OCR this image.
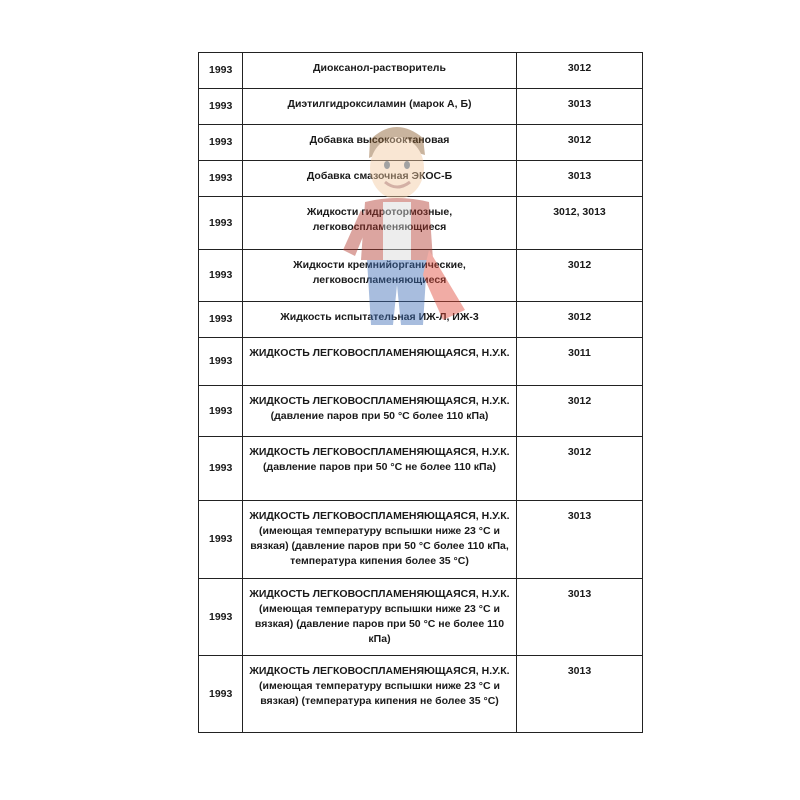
1993	Диоксанол-растворитель	3012
1993	Диэтилгидроксиламин (марок А, Б)	3013
1993	Добавка высокооктановая	3012
1993	Добавка смазочная ЭКОС-Б	3013
1993	Жидкости гидротормозные, легковоспламеняющиеся	3012, 3013
1993	Жидкости кремнийорганические, легковоспламеняющиеся	3012
1993	Жидкость испытательная ИЖ-Л, ИЖ-3	3012
1993	ЖИДКОСТЬ ЛЕГКОВОСПЛАМЕНЯЮЩАЯСЯ, Н.У.К.	3011
1993	ЖИДКОСТЬ ЛЕГКОВОСПЛАМЕНЯЮЩАЯСЯ, Н.У.К. (давление паров при 50 °С более 110 кПа)	3012
1993	ЖИДКОСТЬ ЛЕГКОВОСПЛАМЕНЯЮЩАЯСЯ, Н.У.К. (давление паров при 50 °С не более 110 кПа)	3012
1993	ЖИДКОСТЬ ЛЕГКОВОСПЛАМЕНЯЮЩАЯСЯ, Н.У.К. (имеющая температуру вспышки ниже 23 °С и вязкая) (давление паров при 50 °С более 110 кПа, температура кипения более 35 °С)	3013
1993	ЖИДКОСТЬ ЛЕГКОВОСПЛАМЕНЯЮЩАЯСЯ, Н.У.К. (имеющая температуру вспышки ниже 23 °С и вязкая) (давление паров при 50 °С не более 110 кПа)	3013
1993	ЖИДКОСТЬ ЛЕГКОВОСПЛАМЕНЯЮЩАЯСЯ, Н.У.К. (имеющая температуру вспышки ниже 23 °С и вязкая) (температура кипения не более 35 °С)	3013
